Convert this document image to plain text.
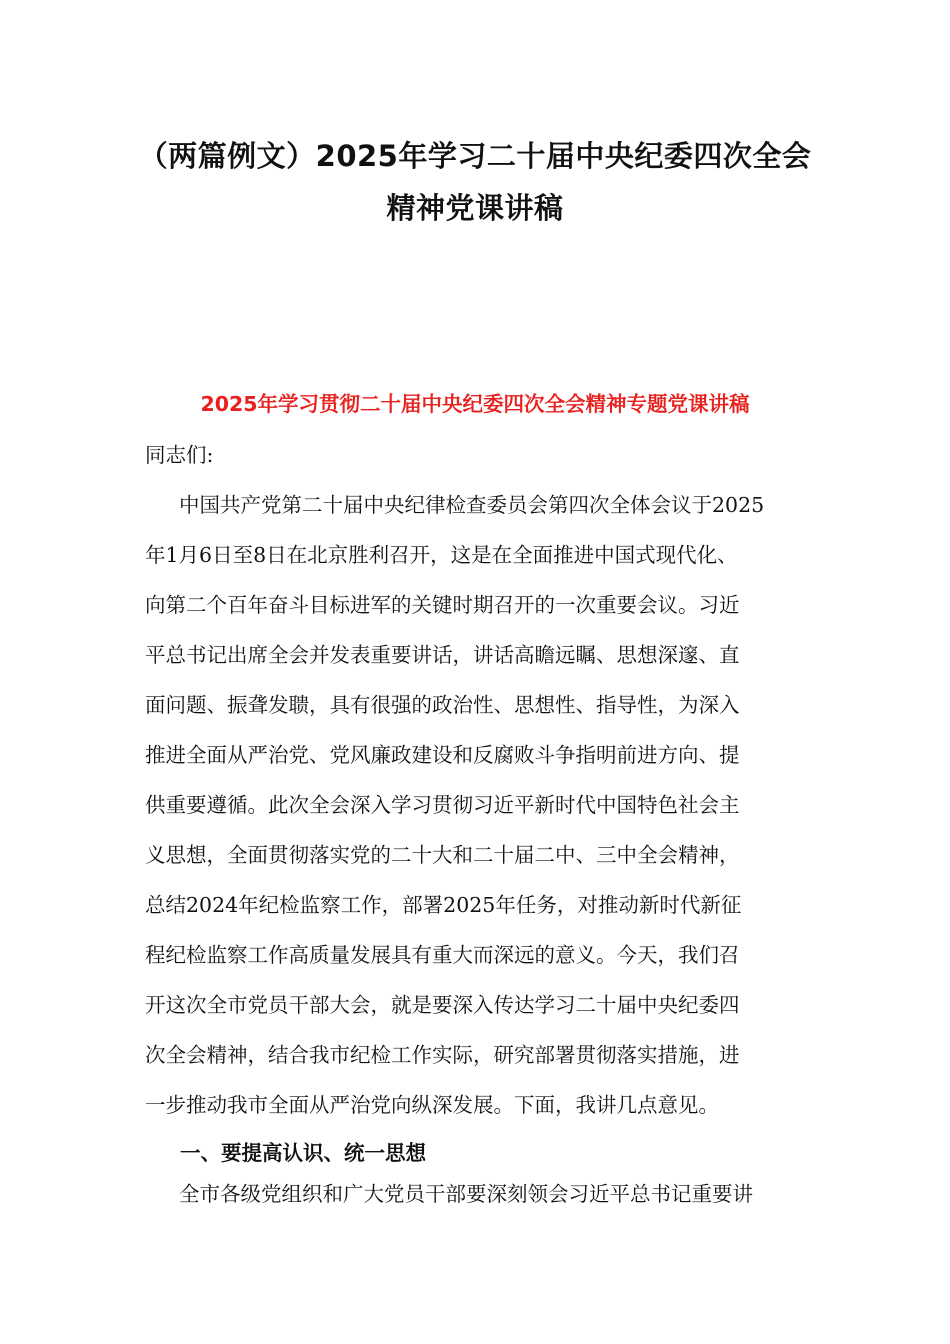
（两篇例文）2025年学习二十届中央纪委四次全会
精神党课讲稿
2025年学习贯彻二十届中央纪委四次全会精神专题党课讲稿

同志们:

中国共产党第二十届中央纪律检查委员会第四次全体会议于2025
年1月6日至8日在北京胜利召开，这是在全面推进中国式现代化、
向第二个百年奋斗目标进军的关键时期召开的一次重要会议。习近
平总书记出席全会并发表重要讲话，讲话高瞻远瞩、思想深邃、直
面问题、振聋发聩，具有很强的政治性、思想性、指导性，为深入
推进全面从严治党、党风廉政建设和反腐败斗争指明前进方向、提
供重要遵循。此次全会深入学习贯彻习近平新时代中国特色社会主
义思想，全面贯彻落实党的二十大和二十届二中、三中全会精神，
总结2024年纪检监察工作，部署2025年任务，对推动新时代新征
程纪检监察工作高质量发展具有重大而深远的意义。今天，我们召
开这次全市党员干部大会，就是要深入传达学习二十届中央纪委四
次全会精神，结合我市纪检工作实际，研究部署贯彻落实措施，进
一步推动我市全面从严治党向纵深发展。下面，我讲几点意见。
一、要提高认识、统一思想
全市各级党组织和广大党员干部要深刻领会习近平总书记重要讲
